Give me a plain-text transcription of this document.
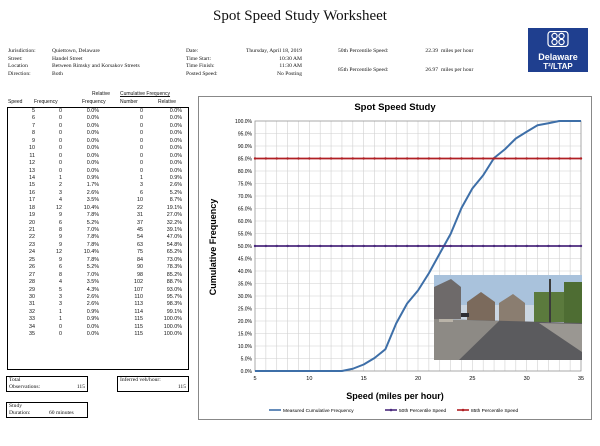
Spot Speed Study Worksheet
Jurisdiction:	Quiettown, Delaware
Street:	Handel Street
Location	Between Rimsky and Korsakov Streets
Direction:	Both
Date:	Thursday, April 18, 2019
Time Start:	10:30 AM
Time Finish:	11:30 AM
Posted Speed:	No Posting
50th Percentile Speed:	22.39 miles per hour
85th Percentile Speed:	26.97 miles per hour
Delaware
T²/LTAP
Relative Cumulative Frequency
Speed Frequency	Frequency	Number	Relative
5	0	0.0%	0	0.0%
6	0	0.0%	0	0.0%
7	0	0.0%	0	0.0%
8	0	0.0%	0	0.0%
9	0	0.0%	0	0.0%
10	0	0.0%	0	0.0%
11	0	0.0%	0	0.0%
12	0	0.0%	0	0.0%
13	0	0.0%	0	0.0%
14	1	0.9%	1	0.9%
15	2	1.7%	3	2.6%
16	3	2.6%	6	5.2%
17	4	3.5%	10	8.7%
18	12	10.4%	22	19.1%
19	9	7.8%	31	27.0%
20	6	5.2%	37	32.2%
21	8	7.0%	45	39.1%
22	9	7.8%	54	47.0%
23	9	7.8%	63	54.8%
24	12	10.4%	75	65.2%
25	9	7.8%	84	73.0%
26	6	5.2%	90	78.3%
27	8	7.0%	98	85.2%
28	4	3.5%	102	88.7%
29	5	4.3%	107	93.0%
30	3	2.6%	110	95.7%
31	3	2.6%	113	98.3%
32	1	0.9%	114	99.1%
33	1	0.9%	115	100.0%
34	0	0.0%	115	100.0%
35	0	0.0%	115	100.0%
Total
Observations:	115
Inferred veh/hour:
115
Study
Duration:	60 minutes
Spot Speed Study
Speed (miles per hour)
Cumulative Frequency
0.0%
5.0%
10.0%
15.0%
20.0%
25.0%
30.0%
35.0%
40.0%
45.0%
50.0%
55.0%
60.0%
65.0%
70.0%
75.0%
80.0%
85.0%
90.0%
95.0%
100.0%
5	10	15	20	25	30	35
Measured Cumulative Frequency	50th Percentile Speed	85th Percentile Speed
